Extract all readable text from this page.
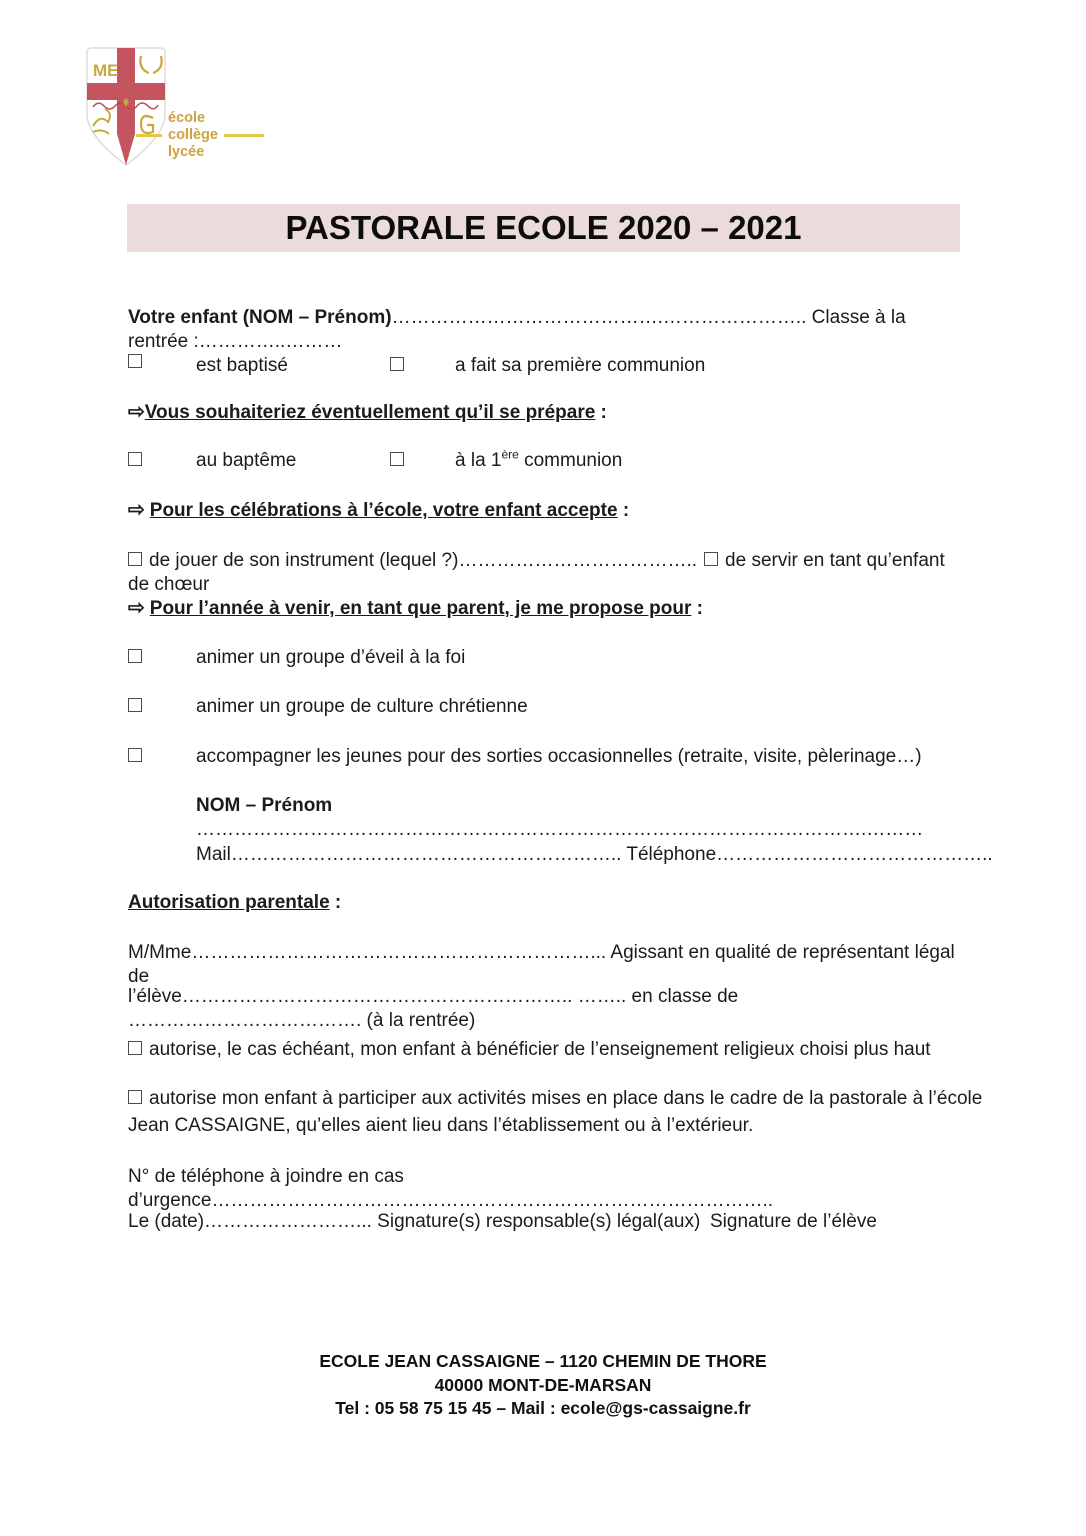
ME
école
collège
lycée
PASTORALE ECOLE 2020 – 2021
Votre enfant (NOM – Prénom)…………………………………….………………….. Classe à la rentrée :…………..………
est baptisé	a fait sa première communion
⇨Vous souhaiteriez éventuellement qu’il se prépare :
au baptême	à la 1ère communion
⇨ Pour les célébrations à l’école, votre enfant accepte :
de jouer de son instrument (lequel ?)……………………………….. de servir en tant qu’enfant de chœur
⇨ Pour l’année à venir, en tant que parent, je me propose pour :
animer un groupe d’éveil à la foi
animer un groupe de culture chrétienne
accompagner les jeunes pour des sorties occasionnelles (retraite, visite, pèlerinage…)
NOM – Prénom …………………………………………………………………………………………….………
Mail…………………………………………………….. Téléphone……………………………………..
Autorisation parentale :
M/Mme………………………………………………………... Agissant en qualité de représentant légal de
l’élève…………………………………………………….. …….. en classe de ………………………………. (à la rentrée)
autorise, le cas échéant, mon enfant à bénéficier de l’enseignement religieux choisi plus haut
autorise mon enfant à participer aux activités mises en place dans le cadre de la pastorale à l’école
Jean CASSAIGNE, qu’elles aient lieu dans l’établissement ou à l’extérieur.
N° de téléphone à joindre en cas d’urgence……………………………………………………………………………..
Le (date)……………………... Signature(s) responsable(s) légal(aux) Signature de l’élève
ECOLE JEAN CASSAIGNE – 1120 CHEMIN DE THORE
40000 MONT-DE-MARSAN
Tel : 05 58 75 15 45 – Mail : ecole@gs-cassaigne.fr
